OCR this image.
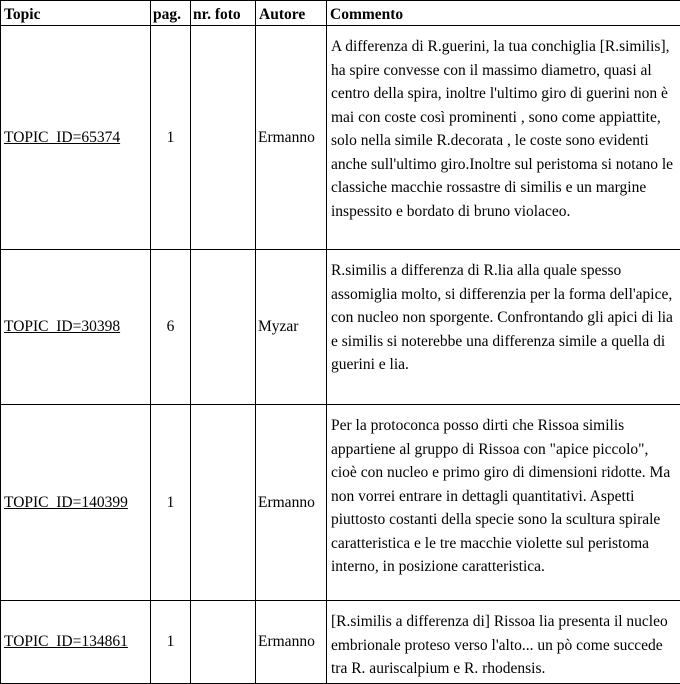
Topic	pag.	nr. foto	Autore	Commento
TOPIC_ID=65374	1		Ermanno	A differenza di R.guerini, la tua conchiglia [R.similis], ha spire convesse con il massimo diametro, quasi al centro della spira, inoltre l'ultimo giro di guerini non è mai con coste così prominenti , sono come appiattite, solo nella simile R.decorata , le coste sono evidenti anche sull'ultimo giro.Inoltre sul peristoma si notano le classiche macchie rossastre di similis e un margine inspessito e bordato di bruno violaceo.
TOPIC_ID=30398	6		Myzar	R.similis a differenza di R.lia alla quale spesso assomiglia molto, si differenzia per la forma dell'apice, con nucleo non sporgente. Confrontando gli apici di lia e similis si noterebbe una differenza simile a quella di guerini e lia.
TOPIC_ID=140399	1		Ermanno	Per la protoconca posso dirti che Rissoa similis appartiene al gruppo di Rissoa con "apice piccolo", cioè con nucleo e primo giro di dimensioni ridotte. Ma non vorrei entrare in dettagli quantitativi. Aspetti piuttosto costanti della specie sono la scultura spirale caratteristica e le tre macchie violette sul peristoma interno, in posizione caratteristica.
TOPIC_ID=134861	1		Ermanno	[R.similis a differenza di] Rissoa lia presenta il nucleo embrionale proteso verso l'alto... un pò come succede tra R. auriscalpium e R. rhodensis.
